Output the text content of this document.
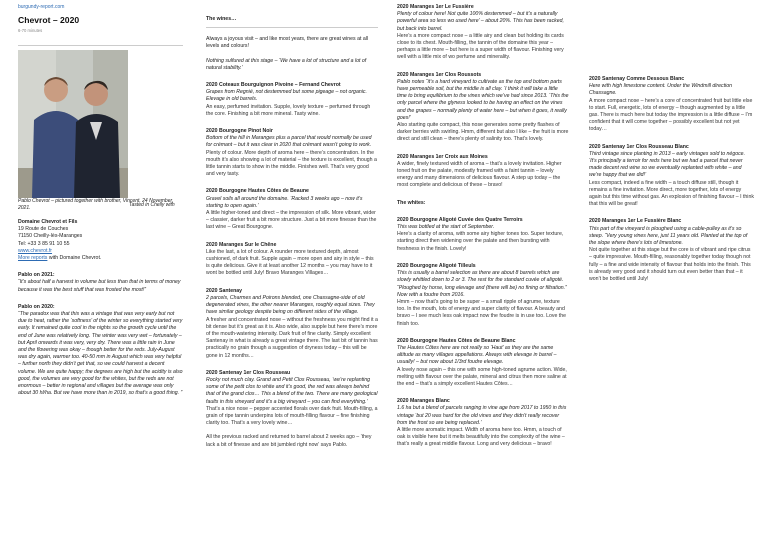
burgundy-report.com
Chevrot – 2020
6-70 minutes
Tasted in Chelly with
Pablo Chevrot – pictured together with brother, Vincent, 24 November, 2021.

Domaine Chevrot et Fils

19 Route de Couches

71150 Cheilly-lès-Maranges

Tel: +33 3 85 91 10 55

www.chevrot.fr

More reports with Domaine Chevrot.

Pablo on 2021:

“It’s about half a harvest in volume but less than that in terms of money because it was the best stuff that was frosted the most!”

Pablo on 2020:

“The paradox was that this was a vintage that was very early but not due to heat, rather the ‘softness’ of the winter so everything started very early. It remained quite cool in the nights so the growth cycle until the end of June was relatively long. The winter was very wet – fortunately – but April onwards it was very, very dry. There was a little rain in June and the flowering was okay – though better for the reds. July-August was dry again, warmer too. 40-50 mm in August which was very helpful – further north they didn’t get that, so we could harvest a decent volume. We are quite happy; the degrees are high but the acidity is also good, the volumes are very good for the whites, but the reds are not enormous – better in regional and villages but the average was only about 30 hl/ha. But we have more than in 2019, so that’s a good thing. ”

The wines…

Always a joyous visit – and like most years, there are great wines at all levels and colours!

Nothing sulfured at this stage – ‘We have a lot of structure and a lot of natural stability.’

2020 Coteaux Bourguignon Pivoine – Fernand Chevrot

Grapes from Regnié, not destemmed but some pigeage – not organic. Elevage in old barrels.

An easy, perfumed invitation. Supple, lovely texture – perfumed through the core. Finishing a bit more mineral. Tasty wine.

2020 Bourgogne Pinot Noir

Bottom of the hill in Maranges plus a parcel that would normally be used for crémant – but it was clear in 2020 that crémant wasn’t going to work.

Plenty of colour. More depth of aroma here – there’s concentration. In the mouth it’s also showing a lot of material – the texture is excellent, though a little tannin starts to show in the middle. Finishes well. That’s very good and very tasty.

2020 Bourgogne Hautes Côtes de Beaune

Gravel soils all around the domaine. ‘Racked 3 weeks ago – now it’s starting to open again.’

A little higher-toned and direct – the impression of silk. More vibrant, wider – classier, darker fruit a bit more structure. Just a bit more finesse than the last wine – Great Bourgogne.

2020 Maranges Sur le Chêne

Like the last, a lot of colour. A rounder more textured depth, almost cushioned, of dark fruit. Supple again – more open and airy in style – this is quite delicious. Give it at least another 12 months – you may have to it wont be bottled until July! Bravo Maranges Villages…

2020 Santenay

2 parcels, Charmes and Poirons blended, one Chassagne-side of old degenerated vines, the other nearer Maranges, roughly equal sizes. They have similar geology despite being on different sides of the village.

A fresher and concentrated nose – without the freshness you might find it a bit dense but it’s great as it is. Also wide, also supple but here there’s more of the mouth-watering intensity. Dark fruit of fine clarity. Simply excellent Santenay in what is already a great vintage there. The last bit of tannin has practically no grain though a suggestion of dryness today – this will be gone in 12 months…

2020 Santenay 1er Clos Rousseau

Rocky not much clay. Grand and Petit Clos Rousseau, ‘we’re replanting some of the petit clos to white and it’s good, the red was always behind that of the grand clos… This a blend of the two. There are many geological faults in this vineyard and it’s a big vineyard – you can find everything.’

That’s a nice nose – pepper accented florals over dark fruit. Mouth-filling, a grain of ripe tannin underpins lots of mouth-filling flavour – fine finishing clarity too. That’s a very lovely wine…

All the previous racked and returned to barrel about 2 weeks ago – ‘they lack a bit of finesse and are bit jumbled right now’ says Pablo.

2020 Maranges 1er Le Fussière

Plenty of colour here! Not quite 100% destemmed – but it’s a naturally powerful area so less wo used here’ – about 20%. This has been racked, but back into barrel.

Here’s a more compact nose – a little airy and clean but holding its cards close to its chest. Mouth-filling, the tannin of the domaine this year – perhaps a little more – but here is a super width of flavour. Finishing very well with a little mix of wo perfume and minerality.

2020 Maranges 1er Clos Roussots

Pablo notes “it’s a hard vineyard to cultivate as the top and bottom parts have permeable soil, but the middle is all clay. ‘I think it will take a little time to bring equilibrium to the vines which we’ve had since 2013. ‘This the only parcel where the glyness looked to be having an effect on the vines and the grapes – normally plenty of water here – but when it goes, it really goes!’

Also starting quite compact, this nose generates some pretty flashes of darker berries with swirling. Hmm, different but also I like – the fruit is more direct and still clean – there’s plenty of salinity too. That’s lovely.

2020 Maranges 1er Croix aux Moines

A wider, finely textured width of aroma – that’s a lovely invitation. Higher toned fruit on the palate, modestly framed with a faint tannin – lovely energy and many dimensions of delicious flavour. A step up today – the most complete and delicious of these – bravo!

The whites:

2020 Bourgogne Aligoté Cuvée des Quatre Terroirs

This was bottled at the start of September.

Here’s a clarity of aroma, with some airy higher tones too. Super texture, starting direct then widening over the palate and then bursting with freshness in the finish. Lovely!

2020 Bourgogne Aligoté Tilleuls

This is usually a barrel selection as there are about 8 barrels which are slowly whittled down to 2 or 3. The rest for the standard cuvée of aligoté. “Ploughed by horse, long elevage and (there will be) no fining or filtration.” Now with a foudre from 2016.

Hmm – now that’s going to be super – a small ripple of agrume, texture too. In the mouth, lots of energy and super clarity of flavour. A beauty and bravo – I see much less oak impact now the foudre is in use too. Love the finish too.

2020 Bourgogne Hautes Côtes de Beaune Blanc

The Hautes Côtes here are not really so ‘Haut’ as they are the same altitude as many villages appellations. Always with elevage in barrel – usually! – but now about 1/3rd foudre elevage.

A lovely nose again – this one with some high-toned agrume action. Wide, melting with flavour over the palate, mineral and citrus then more saline at the end – that’s a simply excellent Hautes Côtes…

2020 Maranges Blanc

1.6 ha but a blend of parcels ranging in vine age from 2017 to 1950 in this vintage ‘but 20 was hard for the old vines and they didn’t really recover from the frost so are being replaced.’

A little more aromatic impact. Width of aroma here too. Hmm, a touch of oak is visible here but it melts beautifully into the complexity of the wine – that’s really a great middle flavour. Long and very delicious – bravo!

2020 Santenay Comme Dessous Blanc

Here with high limestone content. Under the Windmill direction Chassagne.

A more compact nose – here’s a core of concentrated fruit but little else to start. Full, energetic, lots of energy – though augmented by a little gas. There is much here but today the impression is a little diffuse – I’m confident that it will come together – possibly excellent but not yet today…

2020 Santenay 1er Clos Rousseau Blanc

Third vintage since planting in 2013 – early vintages sold to négoce. ‘It’s principally a terroir for reds here but we had a parcel that never made decent red wine so we eventually replanted with white – and we’re happy that we did!’

Less compact, indeed a fine width – a touch diffuse still, though it remains a fine invitation. More direct, more together, lots of energy again but this time without gas. An explosion of finishing flavour – I think that this will be great!

2020 Maranges 1er Le Fussière Blanc

This part of the vineyard is ploughed using a cable-pulley as it’s so steep. “Very young vines here, just 11 years old. Planted at the top of the slope where there’s lots of limestone.

Not quite together at this stage but the core is of vibrant and ripe citrus – quite impressive. Mouth-filling, reasonably together today though not fully – a fine and wide intensity of flavour that holds into the finish. This is already very good and it should turn out even better than that – it won’t be bottled until July!
